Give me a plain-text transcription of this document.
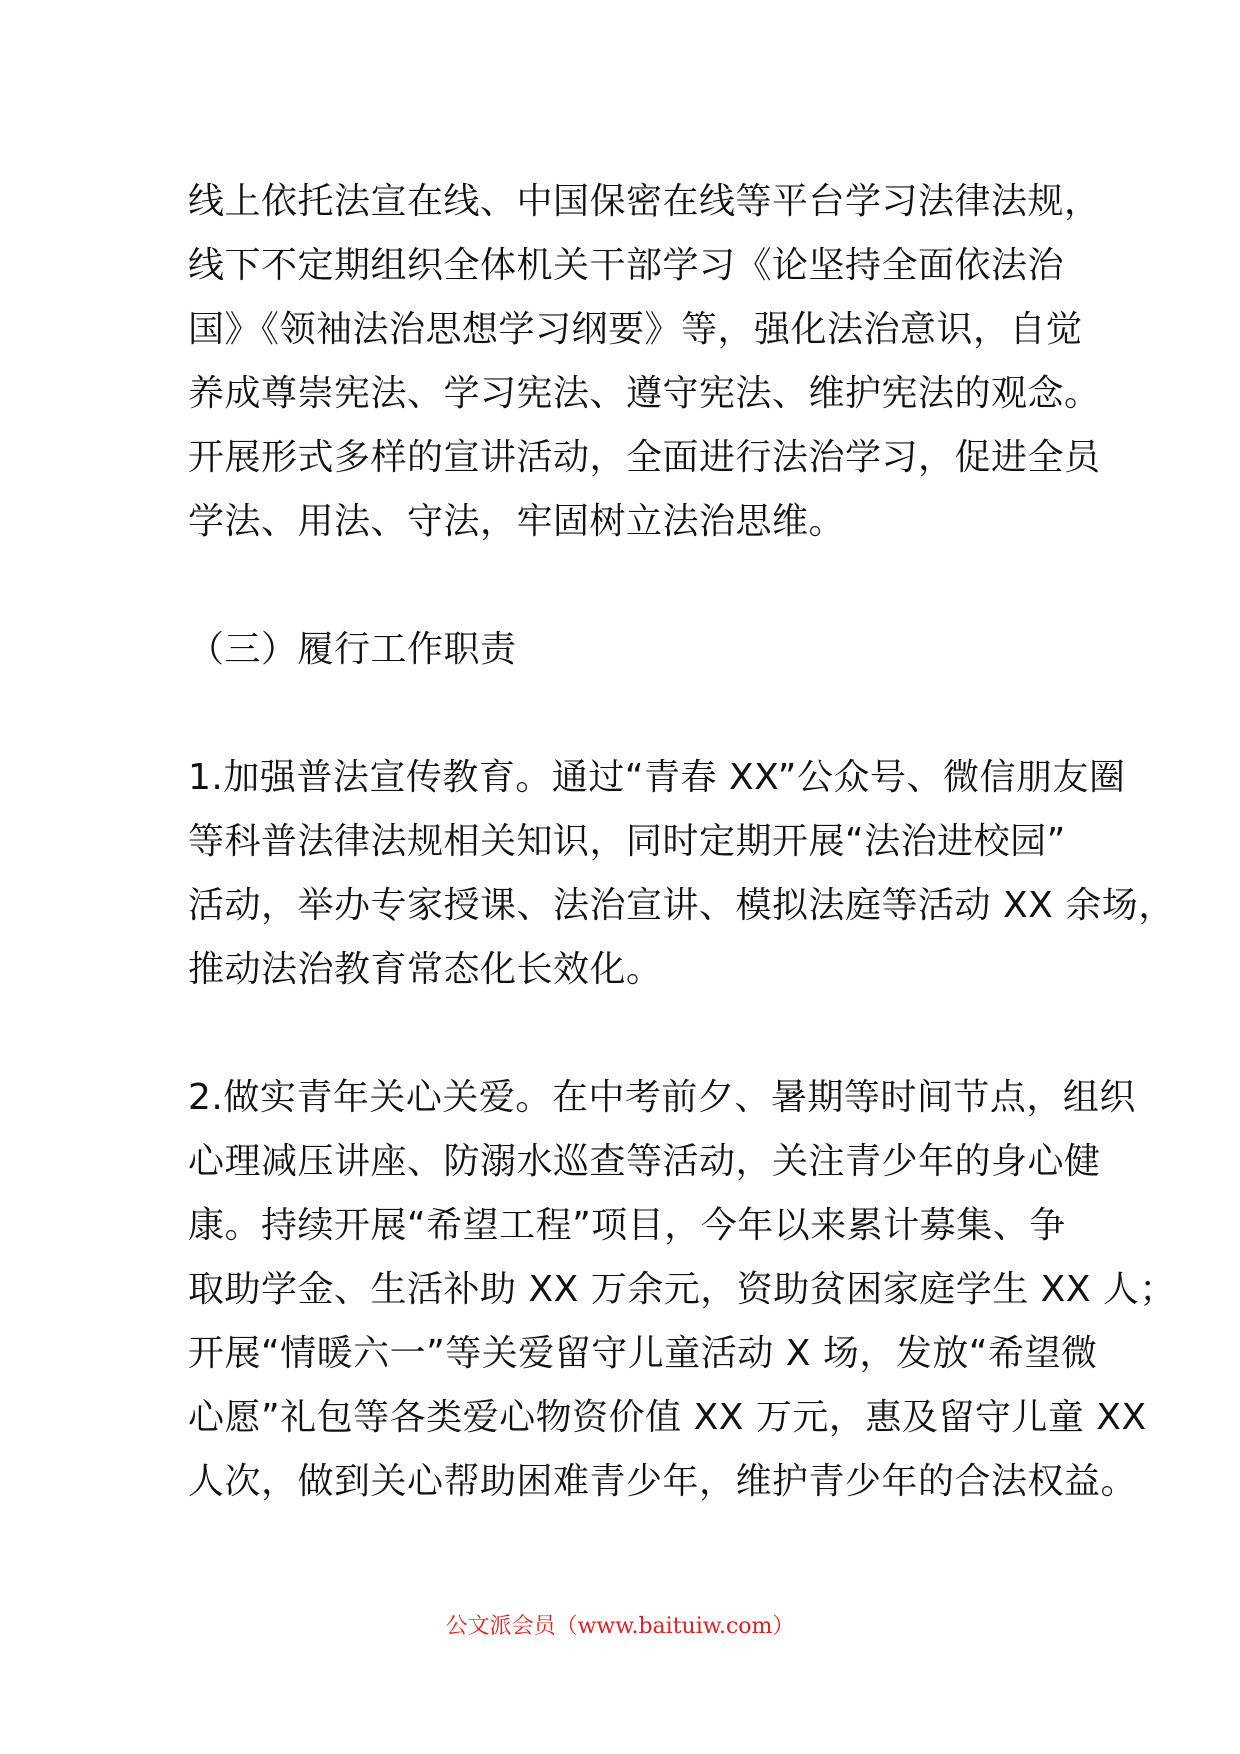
线上依托法宣在线、中国保密在线等平台学习法律法规，
线下不定期组织全体机关干部学习《论坚持全面依法治
国》《领袖法治思想学习纲要》等，强化法治意识，自觉
养成尊崇宪法、学习宪法、遵守宪法、维护宪法的观念。
开展形式多样的宣讲活动，全面进行法治学习，促进全员
学法、用法、守法，牢固树立法治思维。
（三）履行工作职责
1.加强普法宣传教育。通过“青春 XX”公众号、微信朋友圈
等科普法律法规相关知识，同时定期开展“法治进校园”
活动，举办专家授课、法治宣讲、模拟法庭等活动 XX 余场，
推动法治教育常态化长效化。
2.做实青年关心关爱。在中考前夕、暑期等时间节点，组织
心理减压讲座、防溺水巡查等活动，关注青少年的身心健
康。持续开展“希望工程”项目，今年以来累计募集、争
取助学金、生活补助 XX 万余元，资助贫困家庭学生 XX 人；
开展“情暖六一”等关爱留守儿童活动 X 场，发放“希望微
心愿”礼包等各类爱心物资价值 XX 万元，惠及留守儿童 XX
人次，做到关心帮助困难青少年，维护青少年的合法权益。
公文派会员（www.baituiw.com）
